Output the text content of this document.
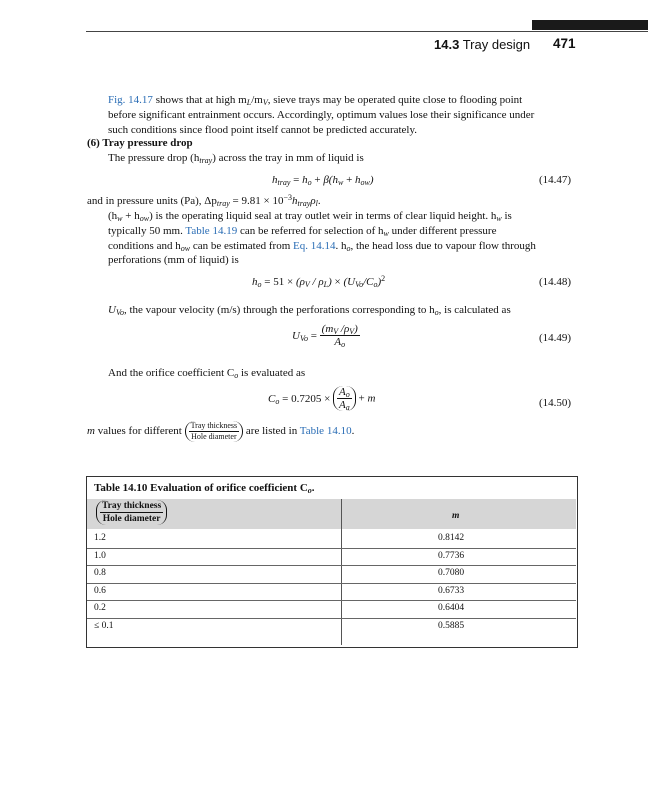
14.3 Tray design 471
Fig. 14.17 shows that at high $m_L/m_V$, sieve trays may be operated quite close to flooding point
before significant entrainment occurs. Accordingly, optimum values lose their significance under
such conditions since flood point itself cannot be predicted accurately.
(6) Tray pressure drop
The pressure drop $(h_{tray})$ across the tray in mm of liquid is
$h_{tray} = h_o + \beta(h_w + h_{ow})$	(14.47)
and in pressure units (Pa), $\Delta p_{tray} = 9.81 \times 10^{-3}h_{tray}\rho_l$.
$(h_w + h_{ow})$ is the operating liquid seal at tray outlet weir in terms of clear liquid height. $h_w$ is
typically 50 mm. Table 14.19 can be referred for selection of $h_w$ under different pressure
conditions and $h_{ow}$ can be estimated from Eq. 14.14. $h_o$, the head loss due to vapour flow through
perforations (mm of liquid) is
$h_o = 51 \times (\rho_V / \rho_L) \times (U_{Vo}/C_o)^2$	(14.48)
$U_{Vo}$, the vapour velocity (m/s) through the perforations corresponding to $h_o$, is calculated as
$U_{Vo} = \frac{(m_V /\rho_V)}{A_o}$	(14.49)
And the orifice coefficient $C_o$ is evaluated as
$C_o = 0.7205 \times \frac{A_o}{A_a} + m$	(14.50)
m values for different $\frac{\text{Tray thickness}}{\text{Hole diameter}}$ are listed in Table 14.10.
Table 14.10 Evaluation of orifice coefficient $C_o$.
$\frac{\text{Tray thickness}}{\text{Hole diameter}}$	m
1.2	0.8142
1.0	0.7736
0.8	0.7080
0.6	0.6733
0.2	0.6404
≤ 0.1	0.5885
